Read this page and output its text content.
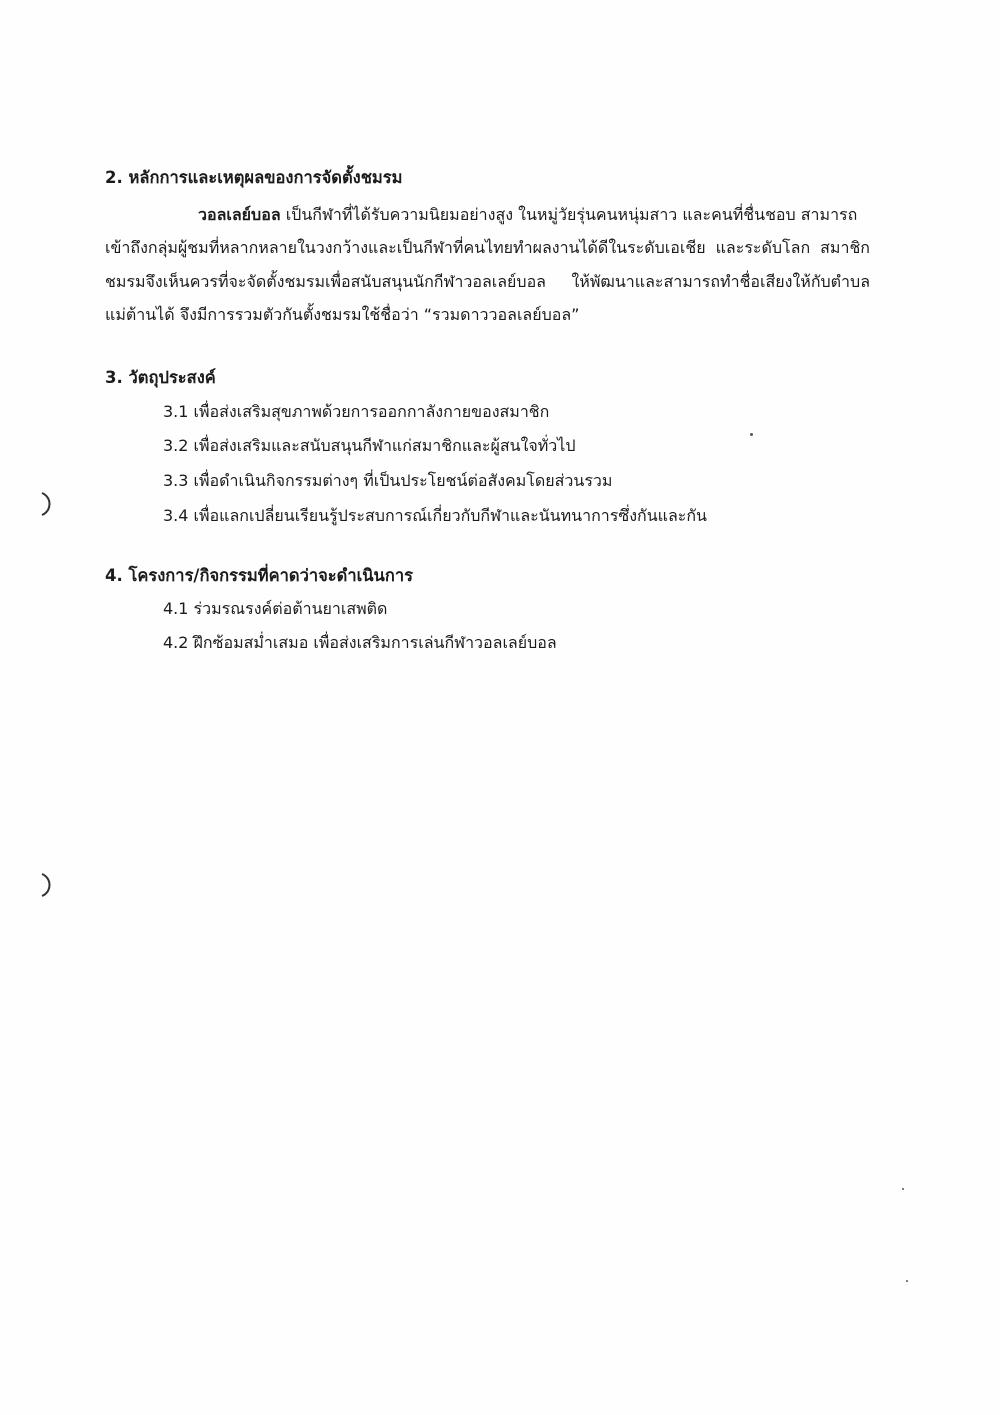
2. หลักการและเหตุผลของการจัดตั้งชมรม
วอลเลย์บอล เป็นกีฬาที่ได้รับความนิยมอย่างสูง ในหมู่วัยรุ่นคนหนุ่มสาว และคนที่ชื่นชอบ สามารถ
เข้าถึงกลุ่มผู้ชมที่หลากหลายในวงกว้างและเป็นกีฬาที่คนไทยทำผลงานได้ดีในระดับเอเชีย และระดับโลก สมาชิก
ชมรมจึงเห็นควรที่จะจัดตั้งชมรมเพื่อสนับสนุนนักกีฬาวอลเลย์บอล ให้พัฒนาและสามารถทำชื่อเสียงให้กับตำบล
แม่ต้านได้ จึงมีการรวมตัวกันตั้งชมรมใช้ชื่อว่า “รวมดาววอลเลย์บอล”
3. วัตถุประสงค์
3.1 เพื่อส่งเสริมสุขภาพด้วยการออกกาลังกายของสมาชิก
3.2 เพื่อส่งเสริมและสนับสนุนกีฬาแก่สมาชิกและผู้สนใจทั่วไป
3.3 เพื่อดำเนินกิจกรรมต่างๆ ที่เป็นประโยชน์ต่อสังคมโดยส่วนรวม
3.4 เพื่อแลกเปลี่ยนเรียนรู้ประสบการณ์เกี่ยวกับกีฬาและนันทนาการซึ่งกันและกัน
4. โครงการ/กิจกรรมที่คาดว่าจะดำเนินการ
4.1 ร่วมรณรงค์ต่อต้านยาเสพติด
4.2 ฝึกซ้อมสม่ำเสมอ เพื่อส่งเสริมการเล่นกีฬาวอลเลย์บอล
